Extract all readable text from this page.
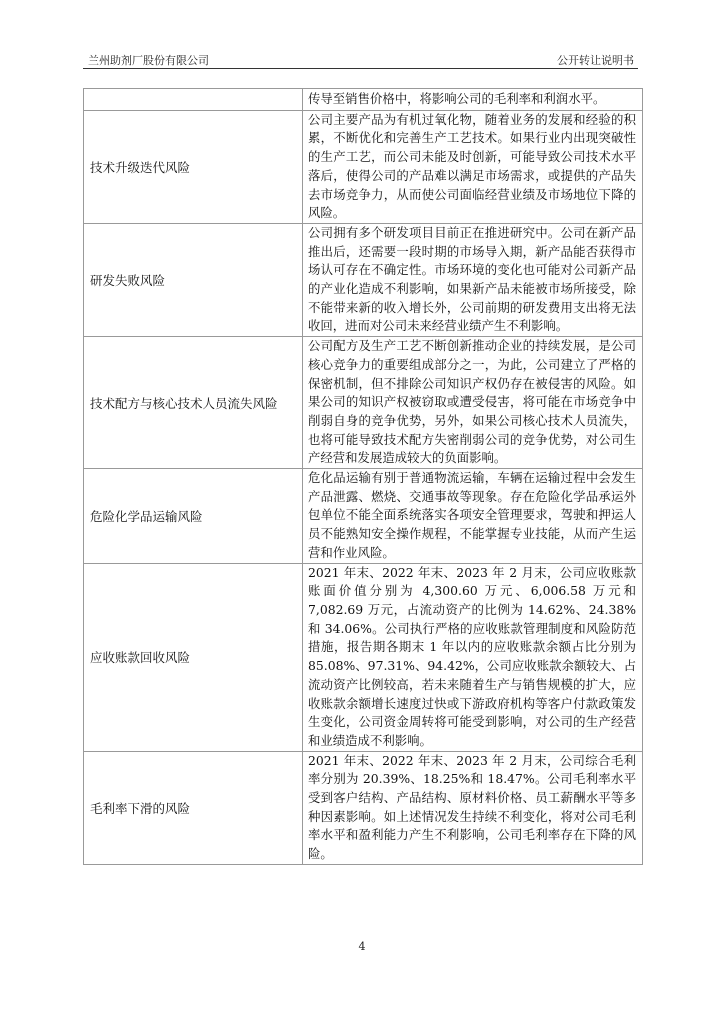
兰州助剂厂股份有限公司	公开转让说明书
	传导至销售价格中，将影响公司的毛利率和利润水平。
技术升级迭代风险	公司主要产品为有机过氧化物，随着业务的发展和经验的积累，不断优化和完善生产工艺技术。如果行业内出现突破性的生产工艺，而公司未能及时创新，可能导致公司技术水平落后，使得公司的产品难以满足市场需求，或提供的产品失去市场竞争力，从而使公司面临经营业绩及市场地位下降的风险。
研发失败风险	公司拥有多个研发项目目前正在推进研究中。公司在新产品推出后，还需要一段时期的市场导入期，新产品能否获得市场认可存在不确定性。市场环境的变化也可能对公司新产品的产业化造成不利影响，如果新产品未能被市场所接受，除不能带来新的收入增长外，公司前期的研发费用支出将无法收回，进而对公司未来经营业绩产生不利影响。
技术配方与核心技术人员流失风险	公司配方及生产工艺不断创新推动企业的持续发展，是公司核心竞争力的重要组成部分之一，为此，公司建立了严格的保密机制，但不排除公司知识产权仍存在被侵害的风险。如果公司的知识产权被窃取或遭受侵害，将可能在市场竞争中削弱自身的竞争优势，另外，如果公司核心技术人员流失，也将可能导致技术配方失密削弱公司的竞争优势，对公司生产经营和发展造成较大的负面影响。
危险化学品运输风险	危化品运输有别于普通物流运输，车辆在运输过程中会发生产品泄露、燃烧、交通事故等现象。存在危险化学品承运外包单位不能全面系统落实各项安全管理要求，驾驶和押运人员不能熟知安全操作规程，不能掌握专业技能，从而产生运营和作业风险。
应收账款回收风险	2021 年末、2022 年末、2023 年 2 月末，公司应收账款账面价值分别为 4,300.60 万元、6,006.58 万元和 7,082.69 万元，占流动资产的比例为 14.62%、24.38%和 34.06%。公司执行严格的应收账款管理制度和风险防范措施，报告期各期末 1 年以内的应收账款余额占比分别为 85.08%、97.31%、94.42%，公司应收账款余额较大、占流动资产比例较高，若未来随着生产与销售规模的扩大，应收账款余额增长速度过快或下游政府机构等客户付款政策发生变化，公司资金周转将可能受到影响，对公司的生产经营和业绩造成不利影响。
毛利率下滑的风险	2021 年末、2022 年末、2023 年 2 月末，公司综合毛利率分别为 20.39%、18.25%和 18.47%。公司毛利率水平受到客户结构、产品结构、原材料价格、员工薪酬水平等多种因素影响。如上述情况发生持续不利变化，将对公司毛利率水平和盈利能力产生不利影响，公司毛利率存在下降的风险。
4
